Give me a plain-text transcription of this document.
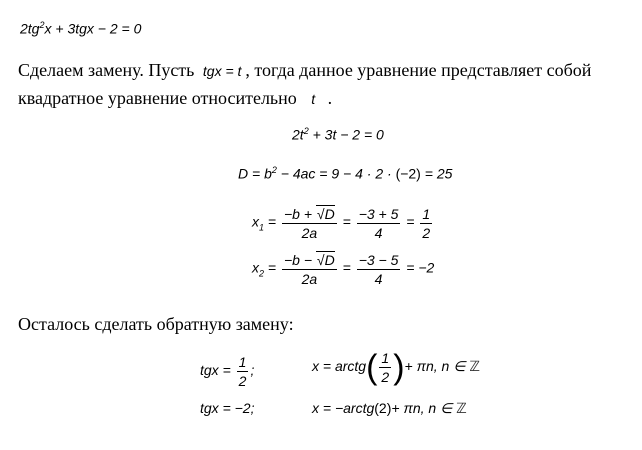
$2tg^2x + 3tgx - 2 = 0$
Сделаем замену. Пусть tgx = t , тогда данное уравнение представляет собой
квадратное уравнение относительно t .
$2t^2 + 3t - 2 = 0$
$D = b^2 - 4ac = 9 - 4 \cdot 2 \cdot (-2) = 25$
$x_1 = \frac{-b + √D}{2a} = \frac{-3 + 5}{4} = \frac{1}{2}$
$x_2 = \frac{-b - √D}{2a} = \frac{-3 - 5}{4} = -2$
Осталось сделать обратную замену:
tgx = $\frac{1}{2}$ ;	x = arctg( $\frac{1}{2}$ )+ πn, n ∈ ℤ
tgx = −2;	x = −arctg(2)+ πn, n ∈ ℤ
